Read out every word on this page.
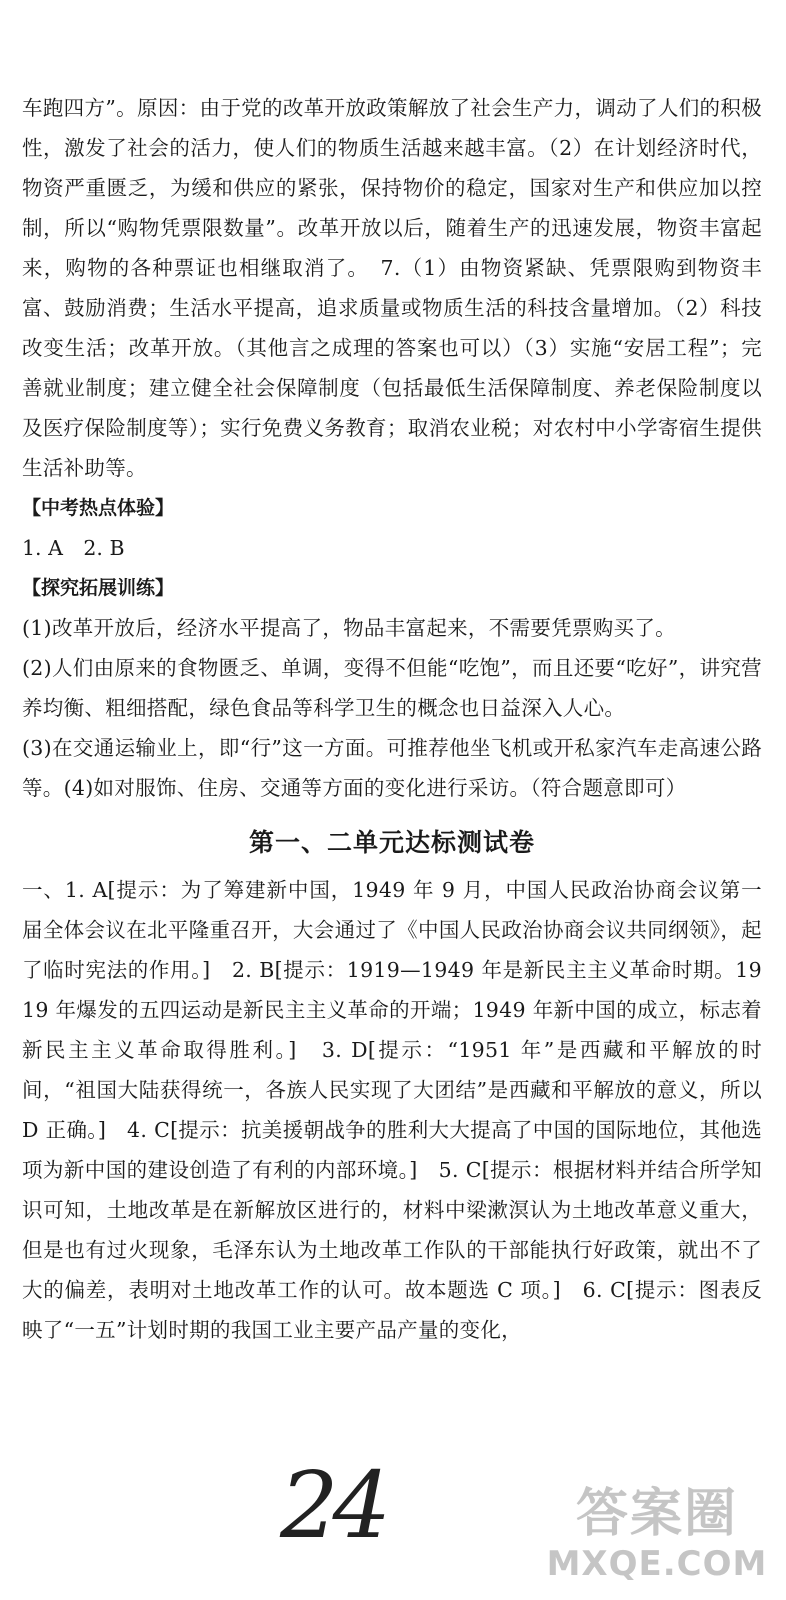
车跑四方”。原因：由于党的改革开放政策解放了社会生产力，调动了人们的积极性，激发了社会的活力，使人们的物质生活越来越丰富。（2）在计划经济时代，物资严重匮乏，为缓和供应的紧张，保持物价的稳定，国家对生产和供应加以控制，所以“购物凭票限数量”。改革开放以后，随着生产的迅速发展，物资丰富起来，购物的各种票证也相继取消了。　7.（1）由物资紧缺、凭票限购到物资丰富、鼓励消费；生活水平提高，追求质量或物质生活的科技含量增加。（2）科技改变生活；改革开放。（其他言之成理的答案也可以）（3）实施“安居工程”；完善就业制度；建立健全社会保障制度（包括最低生活保障制度、养老保险制度以及医疗保险制度等）；实行免费义务教育；取消农业税；对农村中小学寄宿生提供生活补助等。

【中考热点体验】

1. A　2. B

【探究拓展训练】

(1)改革开放后，经济水平提高了，物品丰富起来，不需要凭票购买了。

(2)人们由原来的食物匮乏、单调，变得不但能“吃饱”，而且还要“吃好”，讲究营养均衡、粗细搭配，绿色食品等科学卫生的概念也日益深入人心。

(3)在交通运输业上，即“行”这一方面。可推荐他坐飞机或开私家汽车走高速公路等。(4)如对服饰、住房、交通等方面的变化进行采访。（符合题意即可）

第一、二单元达标测试卷

一、1. A[提示：为了筹建新中国，1949 年 9 月，中国人民政治协商会议第一届全体会议在北平隆重召开，大会通过了《中国人民政治协商会议共同纲领》，起了临时宪法的作用。]　2. B[提示：1919—1949 年是新民主主义革命时期。1919 年爆发的五四运动是新民主主义革命的开端；1949 年新中国的成立，标志着新民主主义革命取得胜利。]　3. D[提示：“1951 年”是西藏和平解放的时间，“祖国大陆获得统一，各族人民实现了大团结”是西藏和平解放的意义，所以 D 正确。]　4. C[提示：抗美援朝战争的胜利大大提高了中国的国际地位，其他选项为新中国的建设创造了有利的内部环境。]　5. C[提示：根据材料并结合所学知识可知，土地改革是在新解放区进行的，材料中梁漱溟认为土地改革意义重大，但是也有过火现象，毛泽东认为土地改革工作队的干部能执行好政策，就出不了大的偏差，表明对土地改革工作的认可。故本题选 C 项。]　6. C[提示：图表反映了“一五”计划时期的我国工业主要产品产量的变化，

24	答案圈
MXQE.COM
